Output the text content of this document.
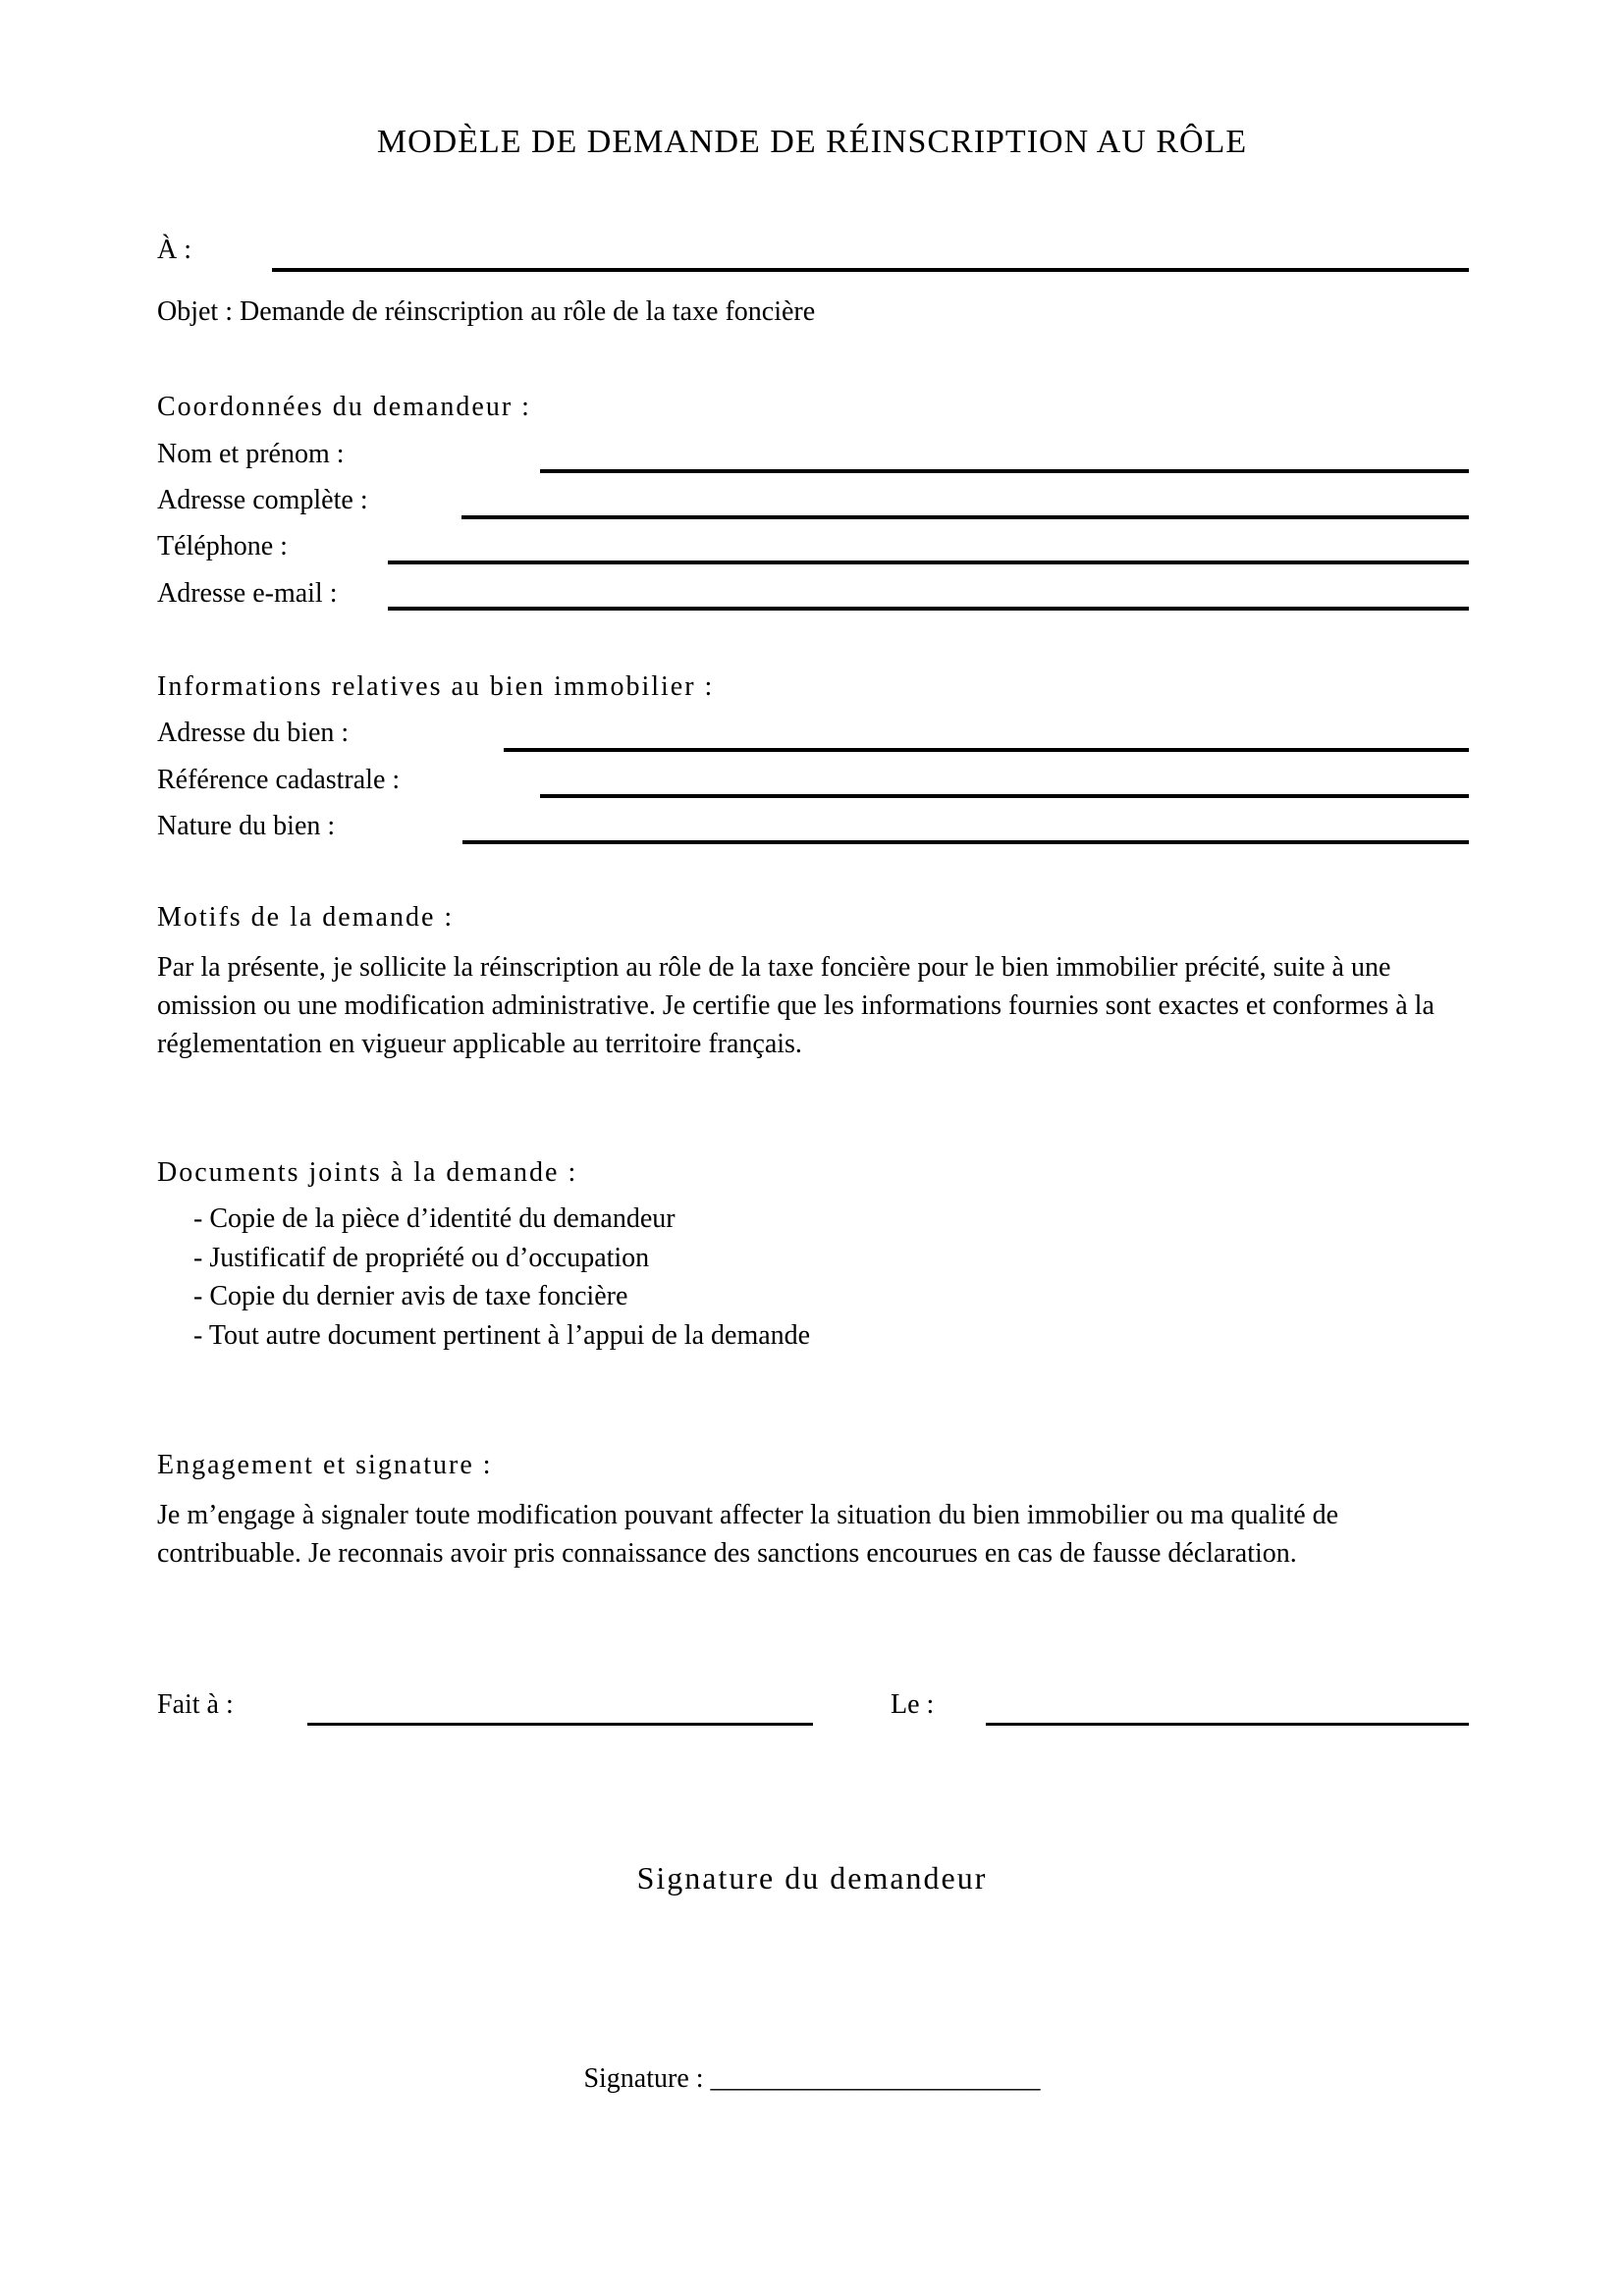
MODÈLE DE DEMANDE DE RÉINSCRIPTION AU RÔLE
À :
Objet : Demande de réinscription au rôle de la taxe foncière
Coordonnées du demandeur :
Nom et prénom :
Adresse complète :
Téléphone :
Adresse e-mail :
Informations relatives au bien immobilier :
Adresse du bien :
Référence cadastrale :
Nature du bien :
Motifs de la demande :
Par la présente, je sollicite la réinscription au rôle de la taxe foncière pour le bien immobilier précité, suite à une
omission ou une modification administrative. Je certifie que les informations fournies sont exactes et conformes à la
réglementation en vigueur applicable au territoire français.
Documents joints à la demande :
- Copie de la pièce d’identité du demandeur
- Justificatif de propriété ou d’occupation
- Copie du dernier avis de taxe foncière
- Tout autre document pertinent à l’appui de la demande
Engagement et signature :
Je m’engage à signaler toute modification pouvant affecter la situation du bien immobilier ou ma qualité de
contribuable. Je reconnais avoir pris connaissance des sanctions encourues en cas de fausse déclaration.
Fait à :	Le :
Signature du demandeur
Signature : ________________________
